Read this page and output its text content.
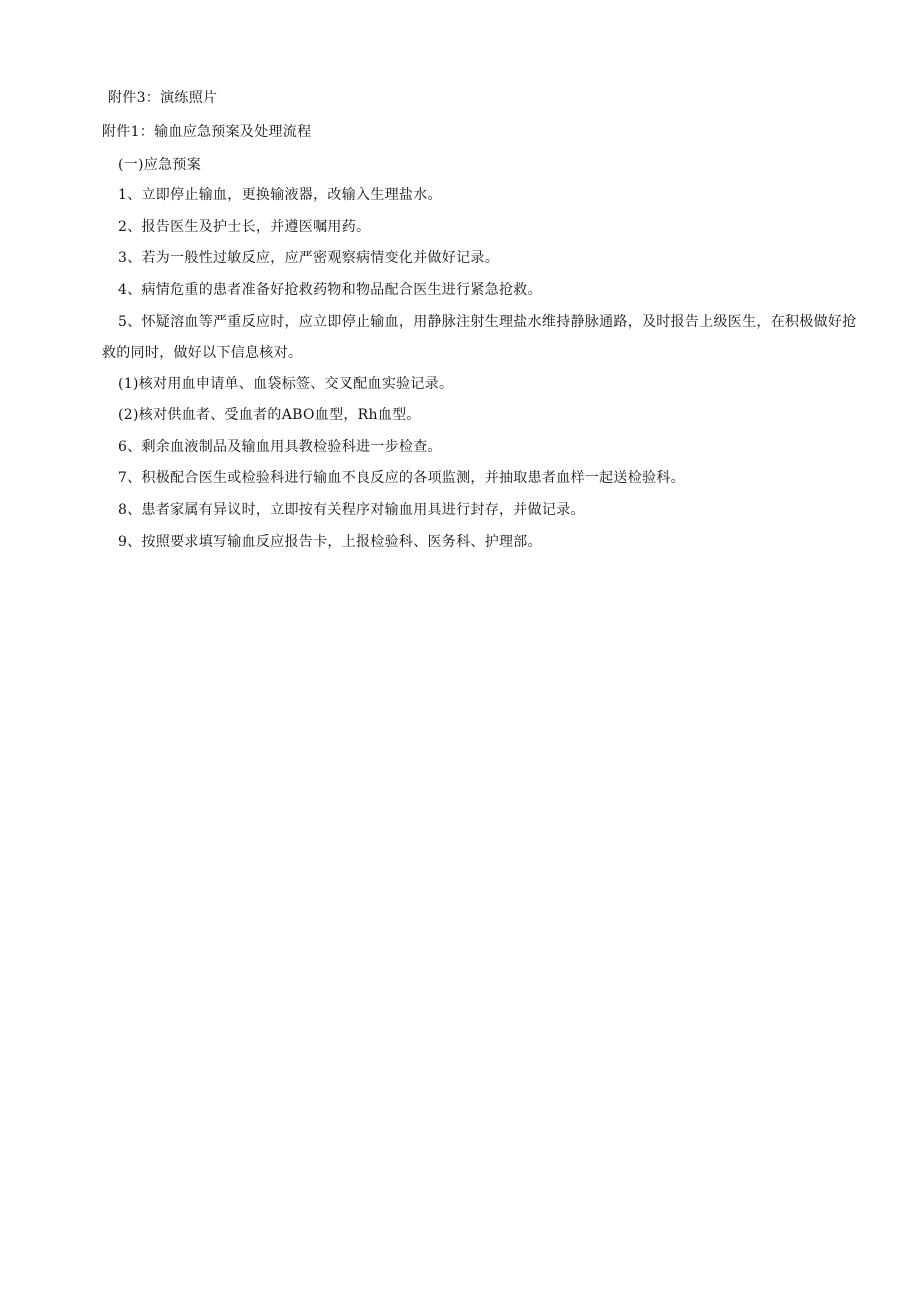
附件3：演练照片
附件1：输血应急预案及处理流程
(一)应急预案
1、立即停止输血，更换输液器，改输入生理盐水。
2、报告医生及护士长，并遵医嘱用药。
3、若为一般性过敏反应，应严密观察病情变化并做好记录。
4、病情危重的患者准备好抢救药物和物品配合医生进行紧急抢救。
5、怀疑溶血等严重反应时，应立即停止输血，用静脉注射生理盐水维持静脉通路，及时报告上级医生，在积极做好抢救的同时，做好以下信息核对。
(1)核对用血申请单、血袋标签、交叉配血实验记录。
(2)核对供血者、受血者的ABO血型，Rh血型。
6、剩余血液制品及输血用具教检验科进一步检查。
7、积极配合医生或检验科进行输血不良反应的各项监测，并抽取患者血样一起送检验科。
8、患者家属有异议时，立即按有关程序对输血用具进行封存，并做记录。
9、按照要求填写输血反应报告卡，上报检验科、医务科、护理部。
